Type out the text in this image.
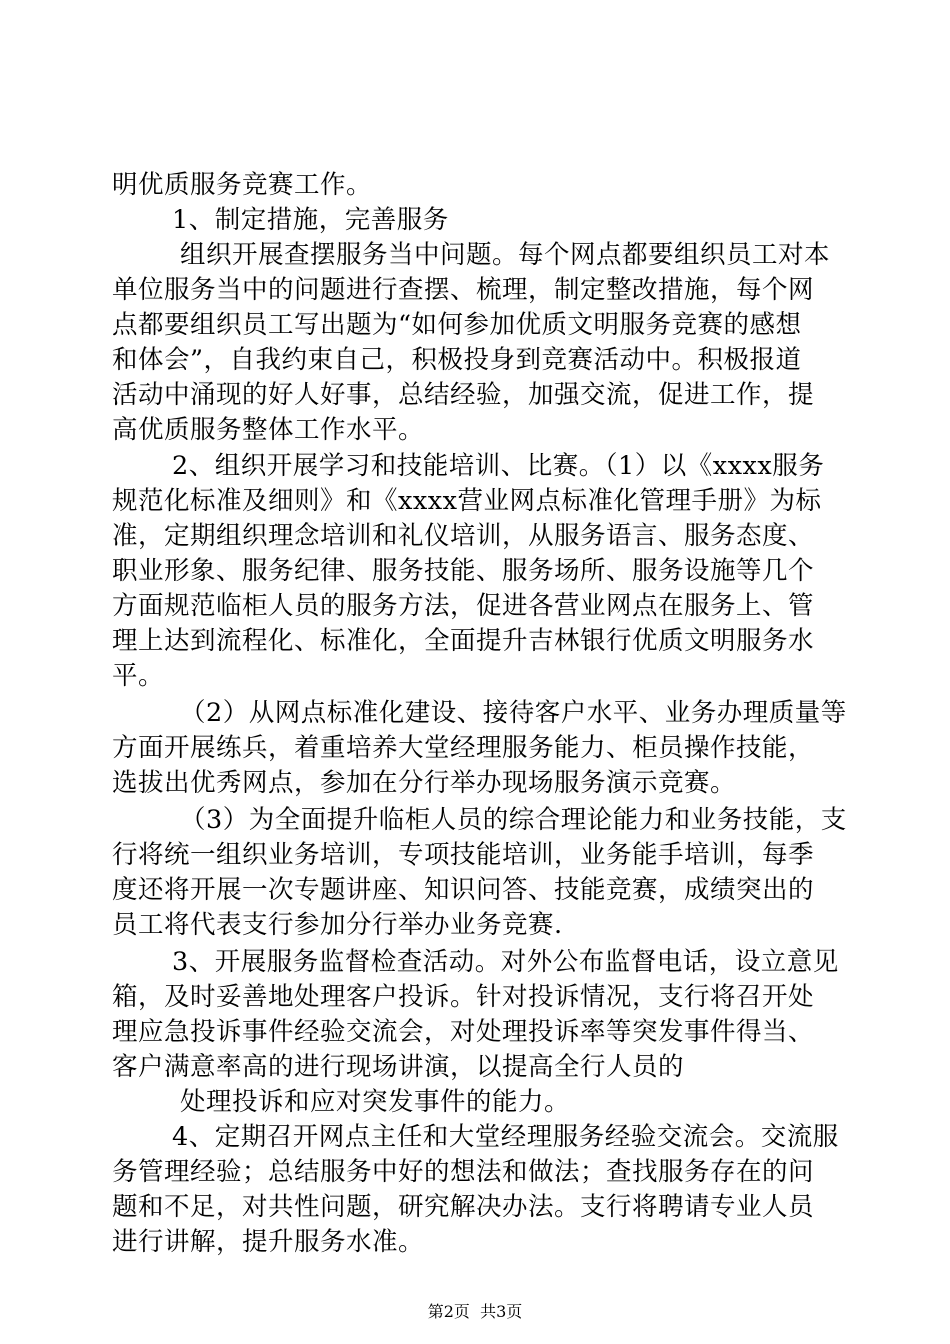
明优质服务竞赛工作。
1、制定措施，完善服务
组织开展查摆服务当中问题。每个网点都要组织员工对本
单位服务当中的问题进行查摆、梳理，制定整改措施，每个网
点都要组织员工写出题为“如何参加优质文明服务竞赛的感想
和体会”，自我约束自己，积极投身到竞赛活动中。积极报道
活动中涌现的好人好事，总结经验，加强交流，促进工作，提
高优质服务整体工作水平。
2、组织开展学习和技能培训、比赛。（1）以《xxxx服务
规范化标准及细则》和《xxxx营业网点标准化管理手册》为标
准，定期组织理念培训和礼仪培训，从服务语言、服务态度、
职业形象、服务纪律、服务技能、服务场所、服务设施等几个
方面规范临柜人员的服务方法，促进各营业网点在服务上、管
理上达到流程化、标准化，全面提升吉林银行优质文明服务水
平。
（2）从网点标准化建设、接待客户水平、业务办理质量等
方面开展练兵，着重培养大堂经理服务能力、柜员操作技能，
选拔出优秀网点，参加在分行举办现场服务演示竞赛。
（3）为全面提升临柜人员的综合理论能力和业务技能，支
行将统一组织业务培训，专项技能培训，业务能手培训，每季
度还将开展一次专题讲座、知识问答、技能竞赛，成绩突出的
员工将代表支行参加分行举办业务竞赛.
3、开展服务监督检查活动。对外公布监督电话，设立意见
箱，及时妥善地处理客户投诉。针对投诉情况，支行将召开处
理应急投诉事件经验交流会，对处理投诉率等突发事件得当、
客户满意率高的进行现场讲演，以提高全行人员的
处理投诉和应对突发事件的能力。
4、定期召开网点主任和大堂经理服务经验交流会。交流服
务管理经验；总结服务中好的想法和做法；查找服务存在的问
题和不足，对共性问题，研究解决办法。支行将聘请专业人员
进行讲解，提升服务水准。
第2页  共3页
